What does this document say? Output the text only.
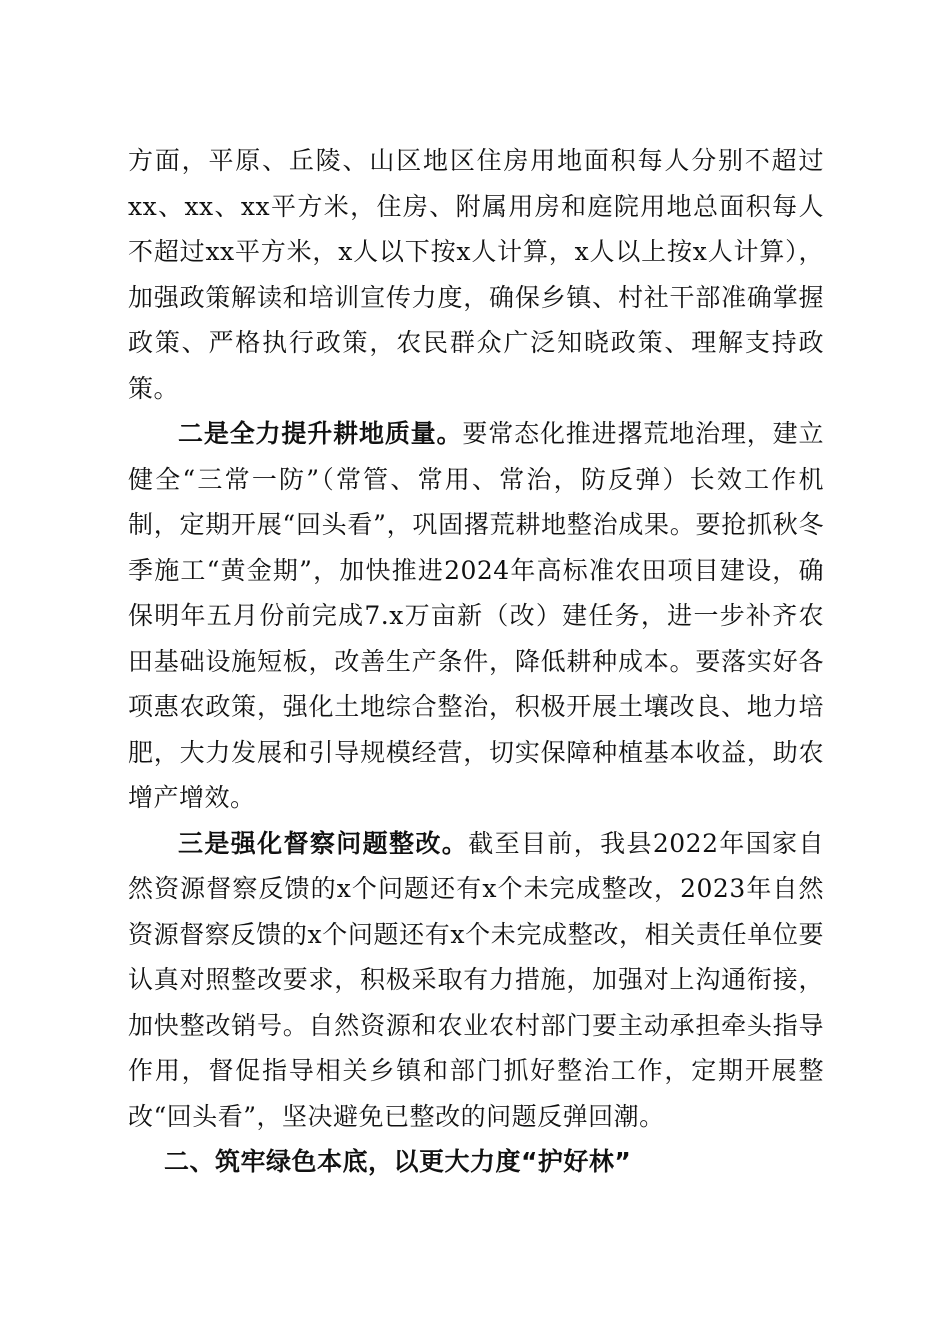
方面，平原、丘陵、山区地区住房用地面积每人分别不超过xx、xx、xx平方米，住房、附属用房和庭院用地总面积每人不超过xx平方米，x人以下按x人计算，x人以上按x人计算），加强政策解读和培训宣传力度，确保乡镇、村社干部准确掌握政策、严格执行政策，农民群众广泛知晓政策、理解支持政策。

二是全力提升耕地质量。要常态化推进撂荒地治理，建立健全“三常一防”（常管、常用、常治，防反弹）长效工作机制，定期开展“回头看”，巩固撂荒耕地整治成果。要抢抓秋冬季施工“黄金期”，加快推进2024年高标准农田项目建设，确保明年五月份前完成7.x万亩新（改）建任务，进一步补齐农田基础设施短板，改善生产条件，降低耕种成本。要落实好各项惠农政策，强化土地综合整治，积极开展土壤改良、地力培肥，大力发展和引导规模经营，切实保障种植基本收益，助农增产增效。

三是强化督察问题整改。截至目前，我县2022年国家自然资源督察反馈的x个问题还有x个未完成整改，2023年自然资源督察反馈的x个问题还有x个未完成整改，相关责任单位要认真对照整改要求，积极采取有力措施，加强对上沟通衔接，加快整改销号。自然资源和农业农村部门要主动承担牵头指导作用，督促指导相关乡镇和部门抓好整治工作，定期开展整改“回头看”，坚决避免已整改的问题反弹回潮。

二、筑牢绿色本底，以更大力度“护好林”
